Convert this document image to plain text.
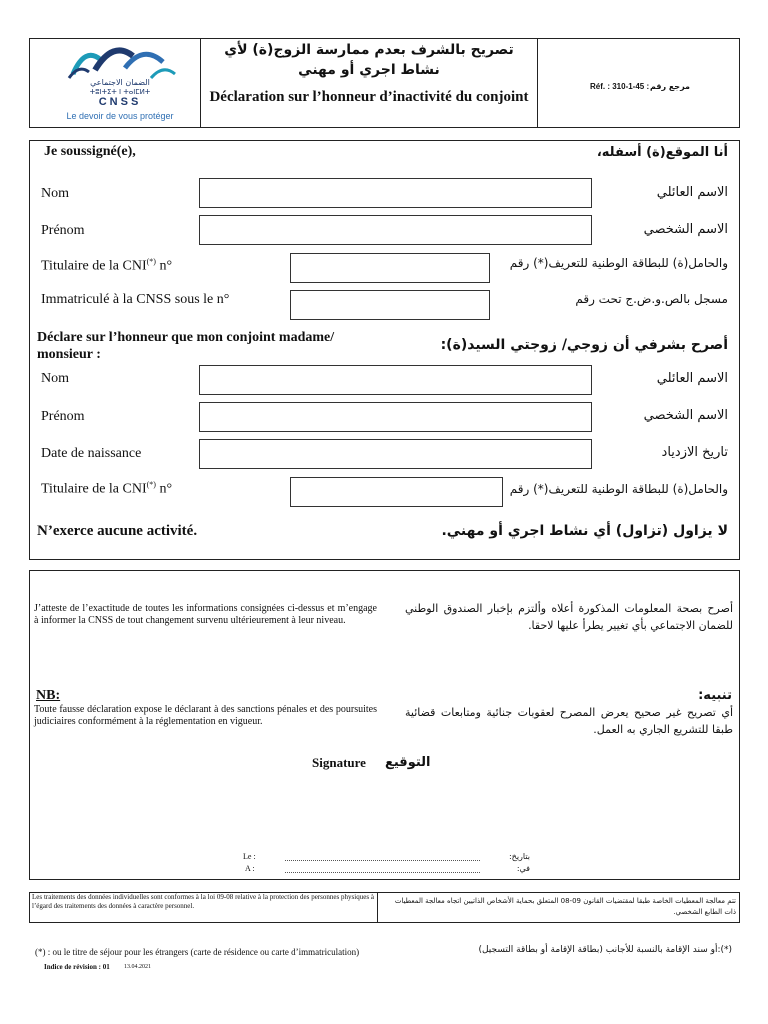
الضمان الاجتماعي
ⵜⵓⵏⵜⵉⵜ ⵏ ⵜⴰⵏⵎⵍⵜ
CNSS
Le devoir de vous protéger
تصريح بالشرف بعدم ممارسة الزوج(ة) لأي نشاط اجري أو مهني
Déclaration sur l’honneur d’inactivité du conjoint
مرجع رقم
Réf. : 310-1-45 :
Je soussigné(e),	أنا الموقع(ة) أسفله،
Nom	الاسم العائلي
Prénom	الاسم الشخصي
Titulaire de la CNI(*) n°	والحامل(ة) للبطاقة الوطنية للتعريف(*) رقم
Immatriculé à la CNSS sous le n°	مسجل بالص.و.ض.ج تحت رقم
Déclare sur l’honneur que mon conjoint madame/ monsieur :
أصرح بشرفي أن زوجي/ زوجتي السيد(ة):
Nom	الاسم العائلي
Prénom	الاسم الشخصي
Date de naissance	تاريخ الازدياد
Titulaire de la CNI(*) n°	والحامل(ة) للبطاقة الوطنية للتعريف(*) رقم
N’exerce aucune activité.	لا يزاول (تزاول) أي نشاط اجري أو مهني.
J’atteste de l’exactitude de toutes les informations consignées ci-dessus et m’engage à informer la CNSS de tout changement survenu ultérieurement à leur niveau.
أصرح بصحة المعلومات المذكورة أعلاه وألتزم بإخبار الصندوق الوطني للضمان الاجتماعي بأي تغيير يطرأ عليها لاحقا.
NB:
Toute fausse déclaration expose le déclarant à des sanctions pénales et des poursuites judiciaires conformément à la réglementation en vigueur.
تنبيه:
أي تصريح غير صحيح يعرض المصرح لعقوبات جنائية ومتابعات قضائية طبقا للتشريع الجاري به العمل.
Signature التوقيع
Le :	بتاريخ:
A :	في:
Les traitements des données individuelles sont conformes à la loi 09-08 relative à la protection des personnes physiques à l’égard des traitements des données à caractère personnel.
تتم معالجة المعطيات الخاصة طبقا لمقتضيات القانون 09-08 المتعلق بحماية الأشخاص الذاتيين اتجاه معالجة المعطيات ذات الطابع الشخصي.
(*) : ou le titre de séjour pour les étrangers (carte de résidence ou carte d’immatriculation)	(*):أو سند الإقامة بالنسبة للأجانب (بطاقة الإقامة أو بطاقة التسجيل)
Indice de révision : 01 13.04.2021
